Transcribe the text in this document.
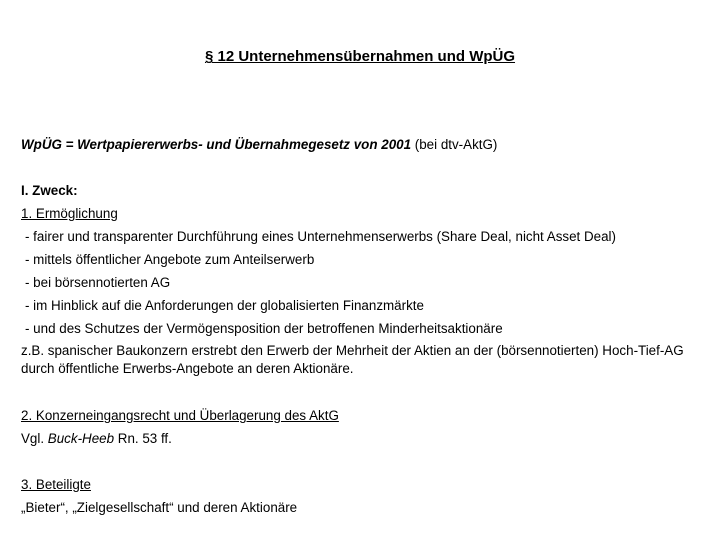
§ 12 Unternehmensübernahmen und WpÜG
WpÜG = Wertpapiererwerbs- und Übernahmegesetz von 2001 (bei dtv-AktG)
I. Zweck:
1. Ermöglichung
- fairer und transparenter Durchführung eines Unternehmenserwerbs (Share Deal, nicht Asset Deal)
- mittels öffentlicher Angebote zum Anteilserwerb
- bei börsennotierten AG
- im Hinblick auf die Anforderungen der globalisierten Finanzmärkte
- und des Schutzes der Vermögensposition der betroffenen Minderheitsaktionäre
z.B. spanischer Baukonzern erstrebt den Erwerb der Mehrheit der Aktien an der (börsennotierten) Hoch-Tief-AG durch öffentliche Erwerbs-Angebote an deren Aktionäre.
2. Konzerneingangsrecht und Überlagerung des AktG
Vgl. Buck-Heeb Rn. 53 ff.
3. Beteiligte
„Bieter“, „Zielgesellschaft“ und deren Aktionäre
